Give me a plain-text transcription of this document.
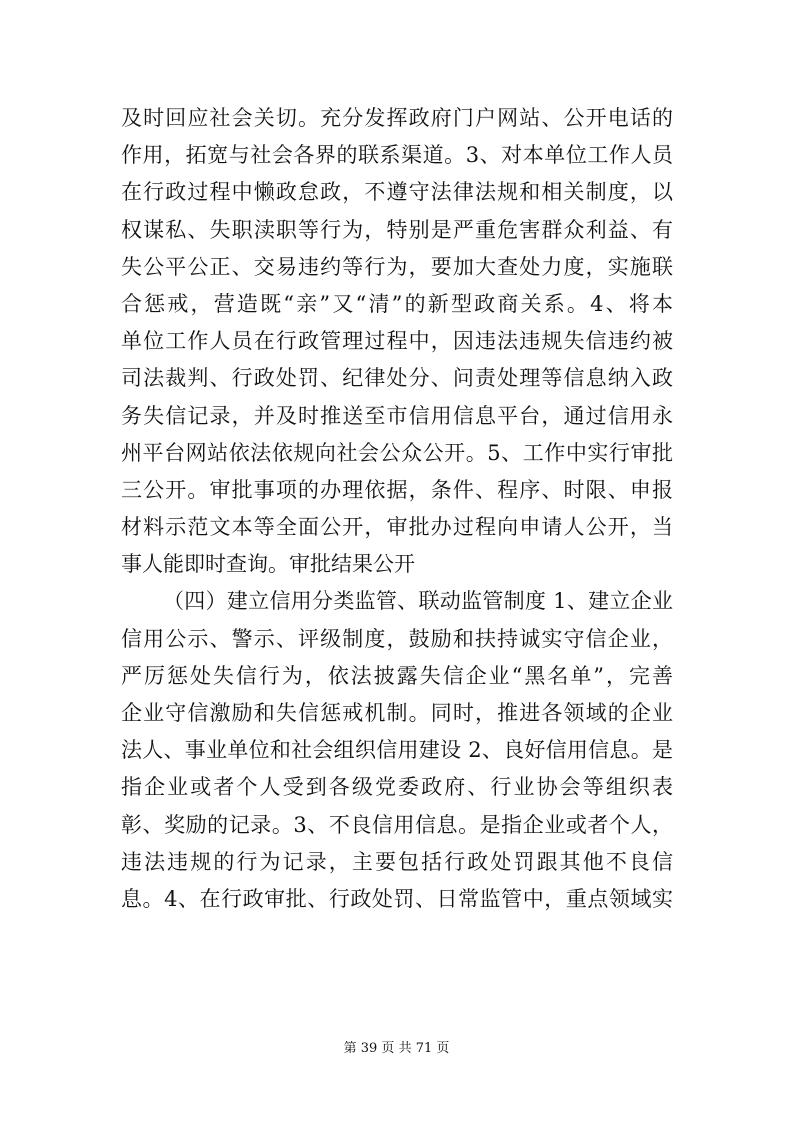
及时回应社会关切。充分发挥政府门户网站、公开电话的
作用，拓宽与社会各界的联系渠道。3、对本单位工作人员
在行政过程中懒政怠政，不遵守法律法规和相关制度，以
权谋私、失职渎职等行为，特别是严重危害群众利益、有
失公平公正、交易违约等行为，要加大查处力度，实施联
合惩戒，营造既“亲”又“清”的新型政商关系。4、将本
单位工作人员在行政管理过程中，因违法违规失信违约被
司法裁判、行政处罚、纪律处分、问责处理等信息纳入政
务失信记录，并及时推送至市信用信息平台，通过信用永
州平台网站依法依规向社会公众公开。5、工作中实行审批
三公开。审批事项的办理依据，条件、程序、时限、申报
材料示范文本等全面公开，审批办过程向申请人公开，当
事人能即时查询。审批结果公开
（四）建立信用分类监管、联动监管制度 1、建立企业
信用公示、警示、评级制度，鼓励和扶持诚实守信企业，
严厉惩处失信行为，依法披露失信企业“黑名单”，完善
企业守信激励和失信惩戒机制。同时，推进各领域的企业
法人、事业单位和社会组织信用建设 2、良好信用信息。是
指企业或者个人受到各级党委政府、行业协会等组织表
彰、奖励的记录。3、不良信用信息。是指企业或者个人，
违法违规的行为记录，主要包括行政处罚跟其他不良信
息。4、在行政审批、行政处罚、日常监管中，重点领域实
第 39 页 共 71 页
